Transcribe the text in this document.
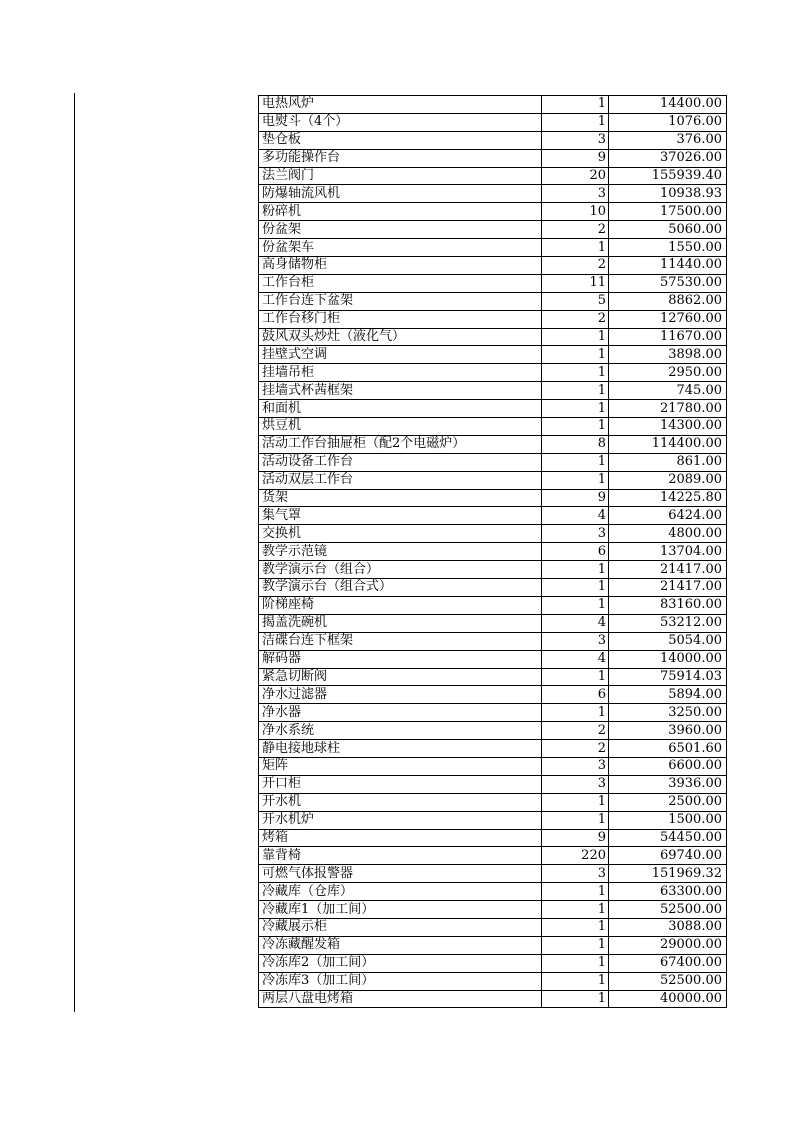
电热风炉	1	14400.00
电熨斗（4个）	1	1076.00
垫仓板	3	376.00
多功能操作台	9	37026.00
法兰阀门	20	155939.40
防爆轴流风机	3	10938.93
粉碎机	10	17500.00
份盆架	2	5060.00
份盆架车	1	1550.00
高身储物柜	2	11440.00
工作台柜	11	57530.00
工作台连下盆架	5	8862.00
工作台移门柜	2	12760.00
鼓风双头炒灶（液化气）	1	11670.00
挂壁式空调	1	3898.00
挂墙吊柜	1	2950.00
挂墙式杯茜框架	1	745.00
和面机	1	21780.00
烘豆机	1	14300.00
活动工作台抽屉柜（配2个电磁炉）	8	114400.00
活动设备工作台	1	861.00
活动双层工作台	1	2089.00
货架	9	14225.80
集气罩	4	6424.00
交换机	3	4800.00
教学示范镜	6	13704.00
教学演示台（组合）	1	21417.00
教学演示台（组合式）	1	21417.00
阶梯座椅	1	83160.00
揭盖洗碗机	4	53212.00
洁碟台连下框架	3	5054.00
解码器	4	14000.00
紧急切断阀	1	75914.03
净水过滤器	6	5894.00
净水器	1	3250.00
净水系统	2	3960.00
静电接地球柱	2	6501.60
矩阵	3	6600.00
开口柜	3	3936.00
开水机	1	2500.00
开水机炉	1	1500.00
烤箱	9	54450.00
靠背椅	220	69740.00
可燃气体报警器	3	151969.32
冷藏库（仓库）	1	63300.00
冷藏库1（加工间）	1	52500.00
冷藏展示柜	1	3088.00
冷冻藏醒发箱	1	29000.00
冷冻库2（加工间）	1	67400.00
冷冻库3（加工间）	1	52500.00
两层八盘电烤箱	1	40000.00
